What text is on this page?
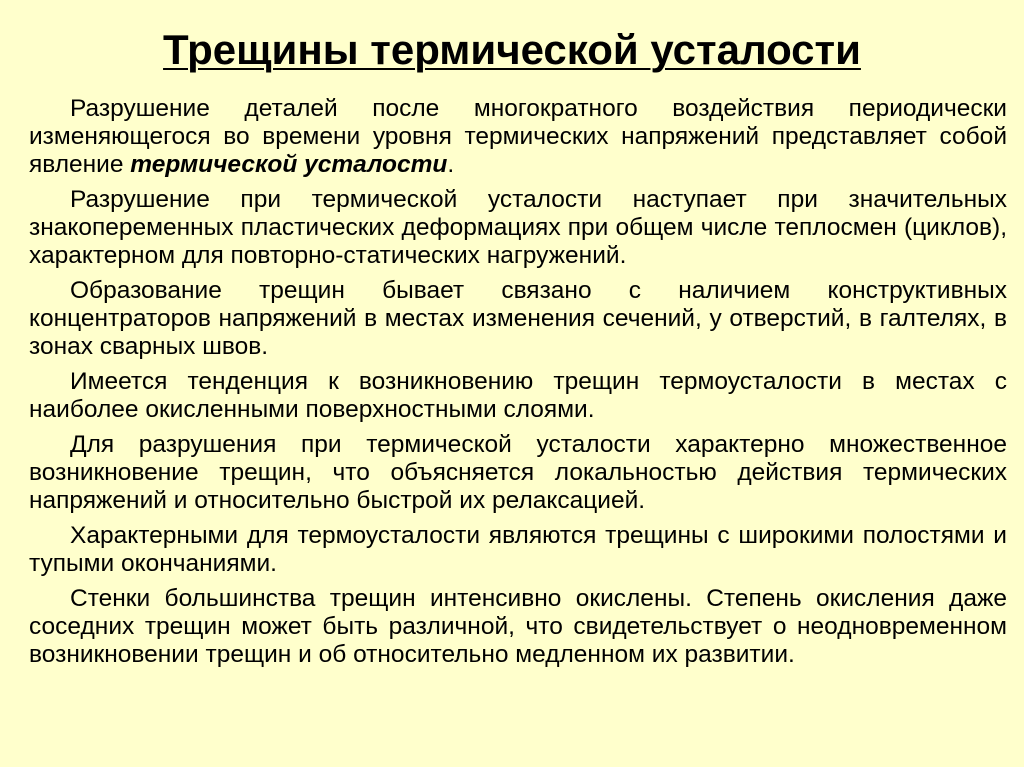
Трещины термической усталости

Разрушение деталей после многократного воздействия периодически изменяющегося во времени уровня термических напряжений представляет собой явление термической усталости.

Разрушение при термической усталости наступает при значительных знакопеременных пластических деформациях при общем числе теплосмен (циклов), характерном для повторно-статических нагружений.

Образование трещин бывает связано с наличием конструктивных концентраторов напряжений в местах изменения сечений, у отверстий, в галтелях, в зонах сварных швов.

Имеется тенденция к возникновению трещин термоусталости в местах с наиболее окисленными поверхностными слоями.

Для разрушения при термической усталости характерно множественное возникновение трещин, что объясняется локальностью действия термических напряжений и относительно быстрой их релаксацией.

Характерными для термоусталости являются трещины с широкими полостями и тупыми окончаниями.

Стенки большинства трещин интенсивно окислены. Степень окисления даже соседних трещин может быть различной, что свидетельствует о неодновременном возникновении трещин и об относительно медленном их развитии.
